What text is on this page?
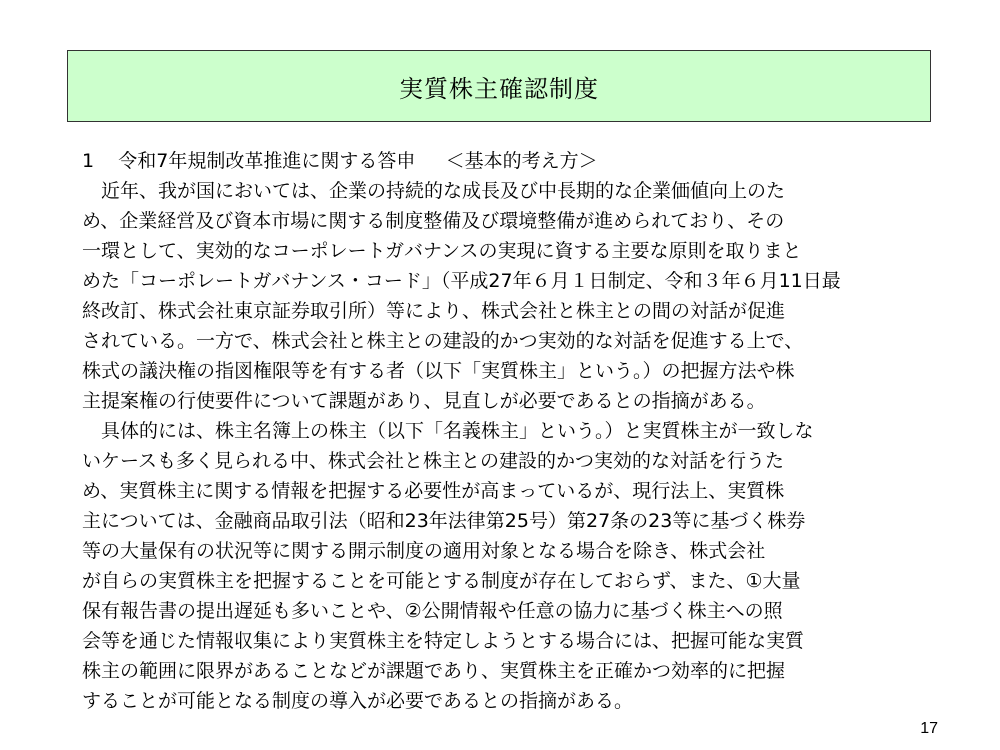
実質株主確認制度
1 令和7年規制改革推進に関する答申 ＜基本的考え方＞
　近年、我が国においては、企業の持続的な成長及び中長期的な企業価値向上のた
め、企業経営及び資本市場に関する制度整備及び環境整備が進められており、その
一環として、実効的なコーポレートガバナンスの実現に資する主要な原則を取りまと
めた「コーポレートガバナンス・コード」（平成27年６月１日制定、令和３年６月11日最
終改訂、株式会社東京証券取引所）等により、株式会社と株主との間の対話が促進
されている。一方で、株式会社と株主との建設的かつ実効的な対話を促進する上で、
株式の議決権の指図権限等を有する者（以下「実質株主」という。）の把握方法や株
主提案権の行使要件について課題があり、見直しが必要であるとの指摘がある。
　具体的には、株主名簿上の株主（以下「名義株主」という。）と実質株主が一致しな
いケースも多く見られる中、株式会社と株主との建設的かつ実効的な対話を行うた
め、実質株主に関する情報を把握する必要性が高まっているが、現行法上、実質株
主については、金融商品取引法（昭和23年法律第25号）第27条の23等に基づく株券
等の大量保有の状況等に関する開示制度の適用対象となる場合を除き、株式会社
が自らの実質株主を把握することを可能とする制度が存在しておらず、また、①大量
保有報告書の提出遅延も多いことや、②公開情報や任意の協力に基づく株主への照
会等を通じた情報収集により実質株主を特定しようとする場合には、把握可能な実質
株主の範囲に限界があることなどが課題であり、実質株主を正確かつ効率的に把握
することが可能となる制度の導入が必要であるとの指摘がある。
17
